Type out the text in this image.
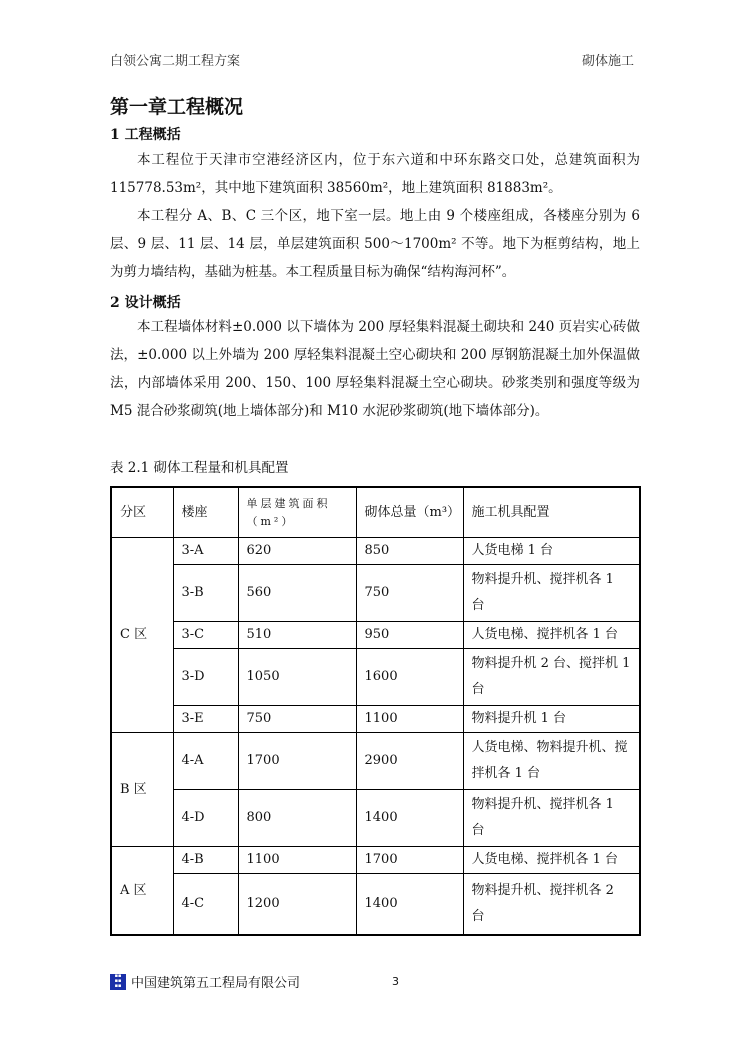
白领公寓二期工程方案	砌体施工
第一章工程概况
1 工程概括
本工程位于天津市空港经济区内，位于东六道和中环东路交口处，总建筑面积为 115778.53m²，其中地下建筑面积 38560m²，地上建筑面积 81883m²。
本工程分 A、B、C 三个区，地下室一层。地上由 9 个楼座组成，各楼座分别为 6 层、9 层、11 层、14 层，单层建筑面积 500～1700m² 不等。地下为框剪结构，地上为剪力墙结构，基础为桩基。本工程质量目标为确保“结构海河杯”。
2 设计概括
本工程墙体材料±0.000 以下墙体为 200 厚轻集料混凝土砌块和 240 页岩实心砖做法，±0.000 以上外墙为 200 厚轻集料混凝土空心砌块和 200 厚钢筋混凝土加外保温做法，内部墙体采用 200、150、100 厚轻集料混凝土空心砌块。砂浆类别和强度等级为 M5 混合砂浆砌筑(地上墙体部分)和 M10 水泥砂浆砌筑(地下墙体部分)。
表 2.1 砌体工程量和机具配置
分区	楼座	单层建筑面积（m²）	砌体总量（m³）	施工机具配置
C 区	3-A	620	850	人货电梯 1 台
	3-B	560	750	物料提升机、搅拌机各 1 台
	3-C	510	950	人货电梯、搅拌机各 1 台
	3-D	1050	1600	物料提升机 2 台、搅拌机 1 台
	3-E	750	1100	物料提升机 1 台
B 区	4-A	1700	2900	人货电梯、物料提升机、搅拌机各 1 台
	4-D	800	1400	物料提升机、搅拌机各 1 台
A 区	4-B	1100	1700	人货电梯、搅拌机各 1 台
	4-C	1200	1400	物料提升机、搅拌机各 2 台
▪▪
▪▪
▪▪ 中国建筑第五工程局有限公司	3
